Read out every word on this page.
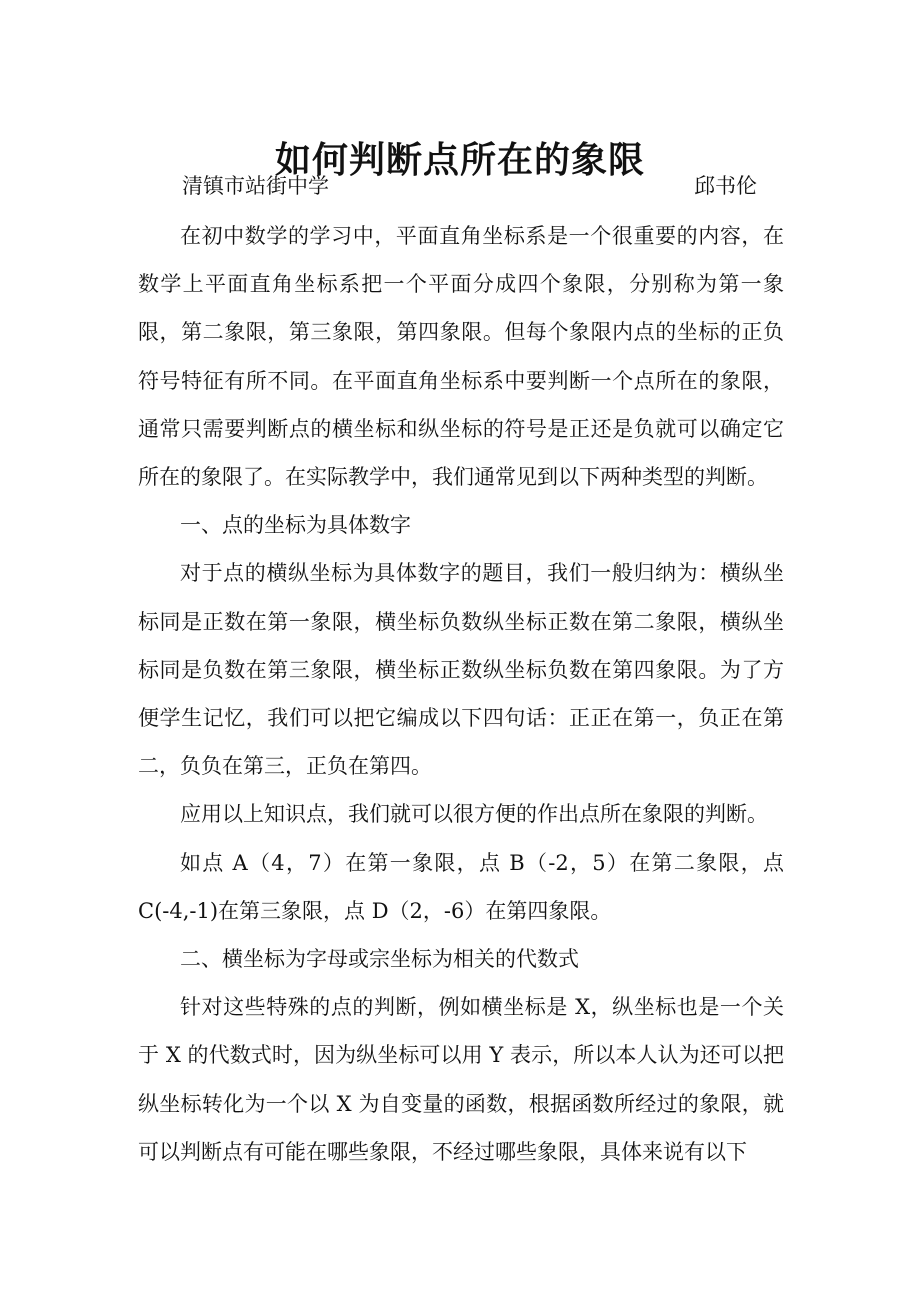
如何判断点所在的象限
清镇市站街中学	邱书伦

在初中数学的学习中，平面直角坐标系是一个很重要的内容，在数学上平面直角坐标系把一个平面分成四个象限，分别称为第一象限，第二象限，第三象限，第四象限。但每个象限内点的坐标的正负符号特征有所不同。在平面直角坐标系中要判断一个点所在的象限，通常只需要判断点的横坐标和纵坐标的符号是正还是负就可以确定它所在的象限了。在实际教学中，我们通常见到以下两种类型的判断。

一、点的坐标为具体数字

对于点的横纵坐标为具体数字的题目，我们一般归纳为：横纵坐标同是正数在第一象限，横坐标负数纵坐标正数在第二象限，横纵坐标同是负数在第三象限，横坐标正数纵坐标负数在第四象限。为了方便学生记忆，我们可以把它编成以下四句话：正正在第一，负正在第二，负负在第三，正负在第四。

应用以上知识点，我们就可以很方便的作出点所在象限的判断。

如点 A（4，7）在第一象限，点 B（-2，5）在第二象限，点 C(-4,-1)在第三象限，点 D（2，-6）在第四象限。

二、横坐标为字母或宗坐标为相关的代数式

针对这些特殊的点的判断，例如横坐标是 X，纵坐标也是一个关于 X 的代数式时，因为纵坐标可以用 Y 表示，所以本人认为还可以把纵坐标转化为一个以 X 为自变量的函数，根据函数所经过的象限，就可以判断点有可能在哪些象限，不经过哪些象限，具体来说有以下
